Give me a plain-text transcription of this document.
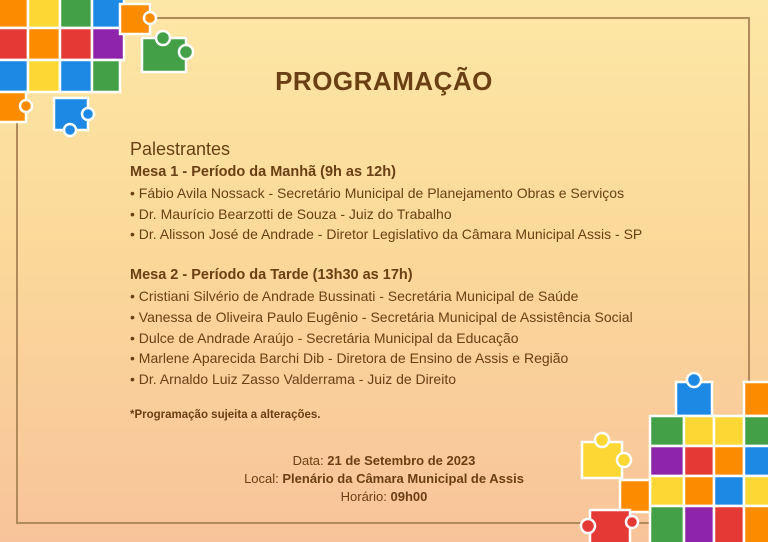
PROGRAMAÇÃO
Palestrantes
Mesa 1 - Período da Manhã (9h as 12h)
• Fábio Avila Nossack - Secretário Municipal de Planejamento Obras e Serviços
• Dr. Maurício Bearzotti de Souza - Juiz do Trabalho
• Dr. Alisson José de Andrade - Diretor Legislativo da Câmara Municipal Assis - SP
Mesa 2 - Período da Tarde (13h30 as 17h)
• Cristiani Silvério de Andrade Bussinati - Secretária Municipal de Saúde
• Vanessa de Oliveira Paulo Eugênio - Secretária Municipal de Assistência Social
• Dulce de Andrade Araújo - Secretária Municipal da Educação
• Marlene Aparecida Barchi Dib - Diretora de Ensino de Assis e Região
• Dr. Arnaldo Luiz Zasso Valderrama - Juiz de Direito
*Programação sujeita a alterações.
Data: 21 de Setembro de 2023
Local: Plenário da Câmara Municipal de Assis
Horário: 09h00
